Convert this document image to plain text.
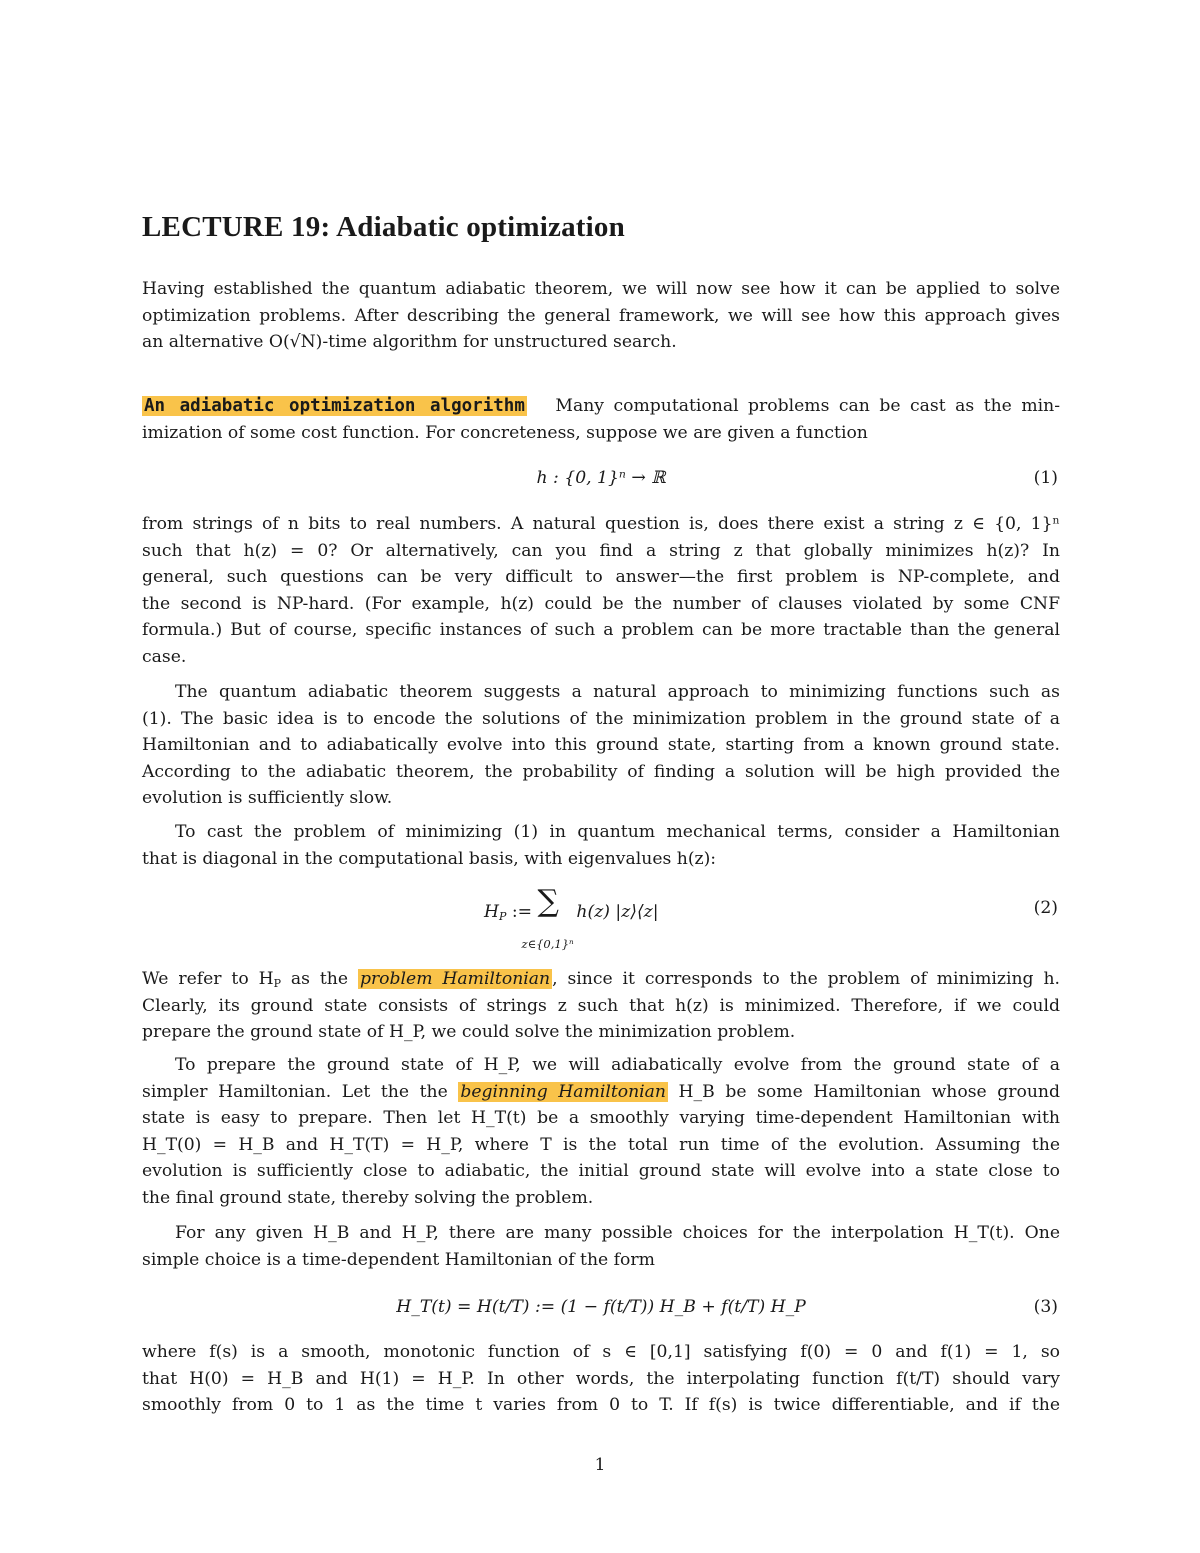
LECTURE 19: Adiabatic optimization

Having established the quantum adiabatic theorem, we will now see how it can be applied to solve
optimization problems. After describing the general framework, we will see how this approach gives
an alternative O(√N)-time algorithm for unstructured search.

An adiabatic optimization algorithm Many computational problems can be cast as the min-
imization of some cost function. For concreteness, suppose we are given a function

h : {0, 1}ⁿ → ℝ	(1)

from strings of n bits to real numbers. A natural question is, does there exist a string z ∈ {0, 1}ⁿ
such that h(z) = 0? Or alternatively, can you find a string z that globally minimizes h(z)? In
general, such questions can be very difficult to answer—the first problem is NP-complete, and
the second is NP-hard. (For example, h(z) could be the number of clauses violated by some CNF
formula.) But of course, specific instances of such a problem can be more tractable than the general
case.

The quantum adiabatic theorem suggests a natural approach to minimizing functions such as
(1). The basic idea is to encode the solutions of the minimization problem in the ground state of a
Hamiltonian and to adiabatically evolve into this ground state, starting from a known ground state.
According to the adiabatic theorem, the probability of finding a solution will be high provided the
evolution is sufficiently slow.

To cast the problem of minimizing (1) in quantum mechanical terms, consider a Hamiltonian
that is diagonal in the computational basis, with eigenvalues h(z):

$H_P$ := ∑
z∈{0,1}ⁿ
h(z) |z⟩⟨z|	(2)

We refer to $H_P$ as the problem Hamiltonian , since it corresponds to the problem of minimizing h.
Clearly, its ground state consists of strings z such that h(z) is minimized. Therefore, if we could
prepare the ground state of H_P, we could solve the minimization problem.

To prepare the ground state of H_P, we will adiabatically evolve from the ground state of a
simpler Hamiltonian. Let the the beginning Hamiltonian H_B be some Hamiltonian whose ground
state is easy to prepare. Then let H_T(t) be a smoothly varying time-dependent Hamiltonian with
H_T(0) = H_B and H_T(T) = H_P, where T is the total run time of the evolution. Assuming the
evolution is sufficiently close to adiabatic, the initial ground state will evolve into a state close to
the final ground state, thereby solving the problem.

For any given H_B and H_P, there are many possible choices for the interpolation H_T(t). One
simple choice is a time-dependent Hamiltonian of the form

H_T(t) = H(t/T) := (1 − f(t/T)) H_B + f(t/T) H_P	(3)

where f(s) is a smooth, monotonic function of s ∈ [0,1] satisfying f(0) = 0 and f(1) = 1, so
that H(0) = H_B and H(1) = H_P. In other words, the interpolating function f(t/T) should vary
smoothly from 0 to 1 as the time t varies from 0 to T. If f(s) is twice differentiable, and if the

1
